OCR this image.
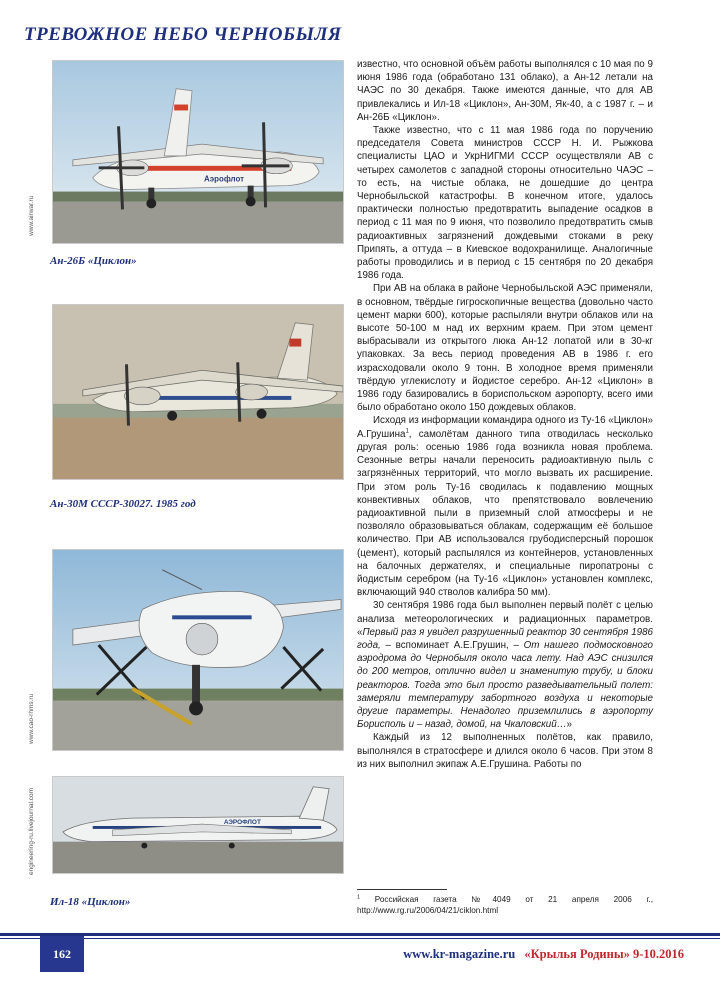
ТРЕВОЖНОЕ НЕБО ЧЕРНОБЫЛЯ
Аэрофлот
www.airwar.ru

Ан-26Б «Циклон»

Ан-30М СССР-30027. 1985 год

www.cao-rhms.ru
АЭРОФЛОТ
engineering-ru.livejournal.com

Ил-18 «Циклон»

известно, что основной объём работы выполнялся с 10 мая по 9 июня 1986 года (обработано 131 облако), а Ан-12 летали на ЧАЭС по 30 декабря. Также имеются данные, что для АВ привлекались и Ил-18 «Циклон», Ан-30М, Як-40, а с 1987 г. – и Ан-26Б «Циклон».

Также известно, что с 11 мая 1986 года по поручению председателя Совета министров СССР Н. И. Рыжкова специалисты ЦАО и УкрНИГМИ СССР осуществляли АВ с четырех самолетов с западной стороны относительно ЧАЭС – то есть, на чистые облака, не дошедшие до центра Чернобыльской катастрофы. В конечном итоге, удалось практически полностью предотвратить выпадение осадков в период с 11 мая по 9 июня, что позволило предотвратить смыв радиоактивных загрязнений дождевыми стоками в реку Припять, а оттуда – в Киевское водохранилище. Аналогичные работы проводились и в период с 15 сентября по 20 декабря 1986 года.

При АВ на облака в районе Чернобыльской АЭС применяли, в основном, твёрдые гигроскопичные вещества (довольно часто цемент марки 600), которые распыляли внутри облаков или на высоте 50-100 м над их верхним краем. При этом цемент выбрасывали из открытого люка Ан-12 лопатой или в 30-кг упаковках. За весь период проведения АВ в 1986 г. его израсходовали около 9 тонн. В холодное время применяли твёрдую углекислоту и йодистое серебро. Ан-12 «Циклон» в 1986 году базировались в бориспольском аэропорту, всего ими было обработано около 150 дождевых облаков.

Исходя из информации командира одного из Ту-16 «Циклон» А.Грушина$^1$, самолётам данного типа отводилась несколько другая роль: осенью 1986 года возникла новая проблема. Сезонные ветры начали переносить радиоактивную пыль с загрязнённых территорий, что могло вызвать их расширение. При этом роль Ту-16 сводилась к подавлению мощных конвективных облаков, что препятствовало вовлечению радиоактивной пыли в приземный слой атмосферы и не позволяло образовываться облакам, содержащим её большое количество. При АВ использовался грубодисперсный порошок (цемент), который распылялся из контейнеров, установленных на балочных держателях, и специальные пиропатроны с йодистым серебром (на Ту-16 «Циклон» установлен комплекс, включающий 940 стволов калибра 50 мм).

30 сентября 1986 года был выполнен первый полёт с целью анализа метеорологических и радиационных параметров. «Первый раз я увидел разрушенный реактор 30 сентября 1986 года, – вспоминает А.Е.Грушин, – От нашего подмосковного аэродрома до Чернобыля около часа лету. Над АЭС снизился до 200 метров, отлично видел и знаменитую трубу, и блоки реакторов. Тогда это был просто разведывательный полет: замеряли температуру забортного воздуха и некоторые другие параметры. Ненадолго приземлились в аэропорту Борисполь и – назад, домой, на Чкаловский…»

Каждый из 12 выполненных полётов, как правило, выполнялся в стратосфере и длился около 6 часов. При этом 8 из них выполнил экипаж А.Е.Грушина. Работы по

$^1$ Российская газета №4049 от 21 апреля 2006 г., http://www.rg.ru/2006/04/21/ciklon.html

162	www.kr-magazine.ru «Крылья Родины» 9-10.2016
